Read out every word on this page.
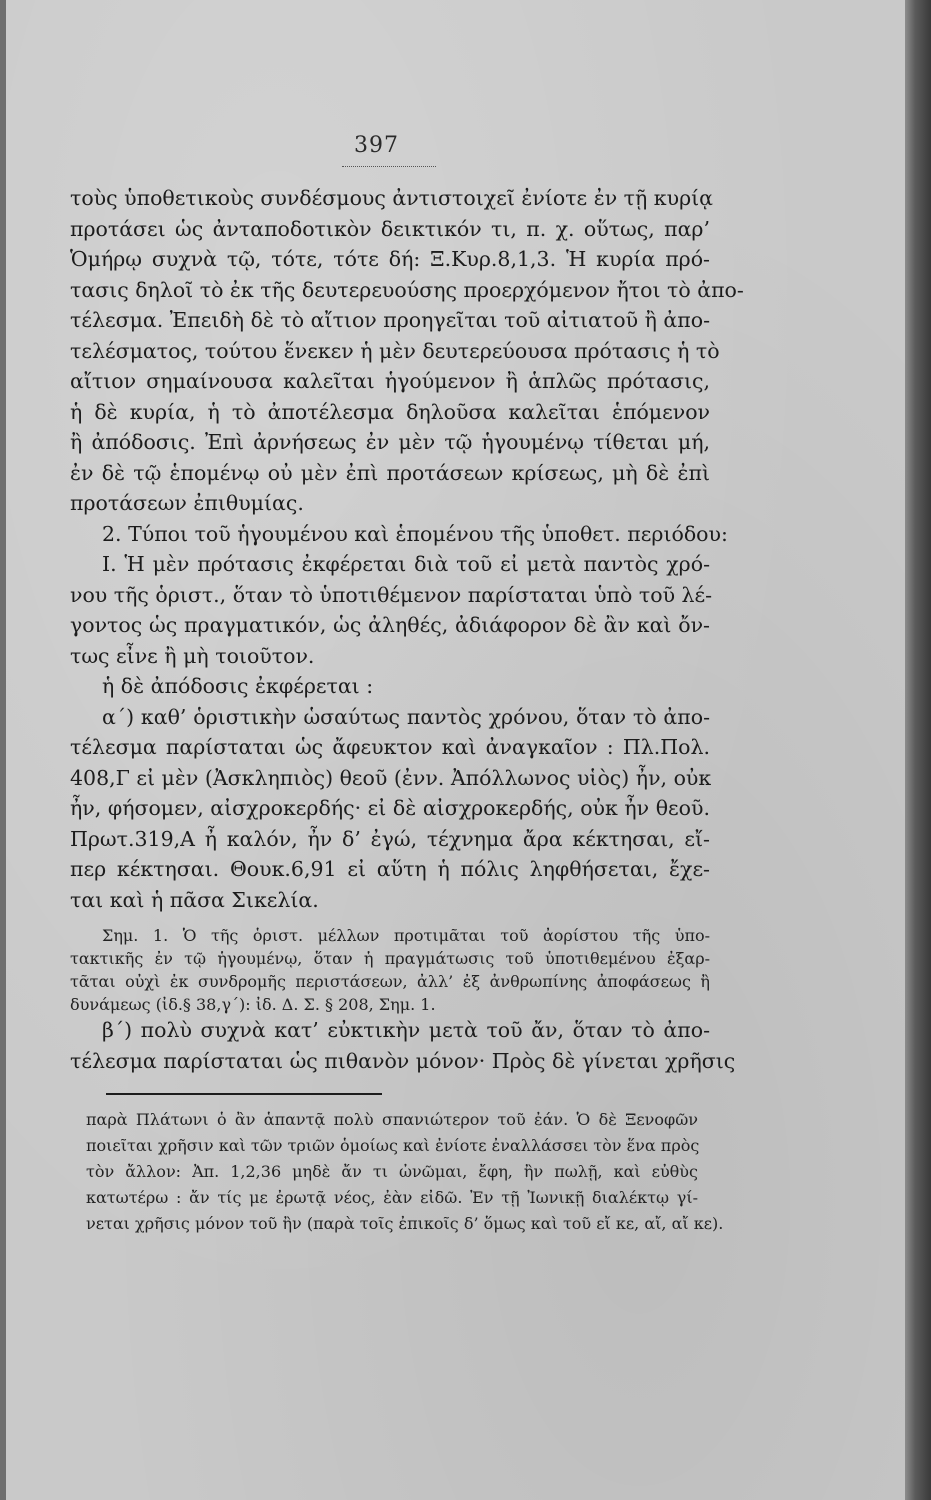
397
τοὺς ὑποθετικοὺς συνδέσμους ἀντιστοιχεῖ ἐνίοτε ἐν τῇ κυρίᾳ
προτάσει ὡς ἀνταποδοτικὸν δεικτικόν τι, π. χ. οὕτως, παρ’
Ὁμήρῳ συχνὰ τῷ, τότε, τότε δή: Ξ.Κυρ.8,1,3. Ἡ κυρία πρό-
τασις δηλοῖ τὸ ἐκ τῆς δευτερευούσης προερχόμενον ἤτοι τὸ ἀπο-
τέλεσμα. Ἐπειδὴ δὲ τὸ αἴτιον προηγεῖται τοῦ αἰτιατοῦ ἢ ἀπο-
τελέσματος, τούτου ἕνεκεν ἡ μὲν δευτερεύουσα πρότασις ἡ τὸ
αἴτιον σημαίνουσα καλεῖται ἡγούμενον ἢ ἁπλῶς πρότασις,
ἡ δὲ κυρία, ἡ τὸ ἀποτέλεσμα δηλοῦσα καλεῖται ἑπόμενον
ἢ ἀπόδοσις. Ἐπὶ ἀρνήσεως ἐν μὲν τῷ ἡγουμένῳ τίθεται μή,
ἐν δὲ τῷ ἑπομένῳ οὐ μὲν ἐπὶ προτάσεων κρίσεως, μὴ δὲ ἐπὶ
προτάσεων ἐπιθυμίας.
2. Τύποι τοῦ ἡγουμένου καὶ ἑπομένου τῆς ὑποθετ. περιόδου:
Ι. Ἡ μὲν πρότασις ἐκφέρεται διὰ τοῦ εἰ μετὰ παντὸς χρό-
νου τῆς ὁριστ., ὅταν τὸ ὑποτιθέμενον παρίσταται ὑπὸ τοῦ λέ-
γοντος ὡς πραγματικόν, ὡς ἀληθές, ἀδιάφορον δὲ ἂν καὶ ὄν-
τως εἶνε ἢ μὴ τοιοῦτον.
ἡ δὲ ἀπόδοσις ἐκφέρεται :
α΄) καθ’ ὁριστικὴν ὡσαύτως παντὸς χρόνου, ὅταν τὸ ἀπο-
τέλεσμα παρίσταται ὡς ἄφευκτον καὶ ἀναγκαῖον : Πλ.Πολ.
408,Γ εἰ μὲν (Ἀσκληπιὸς) θεοῦ (ἐνν. Ἀπόλλωνος υἱὸς) ἦν, οὐκ
ἦν, φήσομεν, αἰσχροκερδής· εἰ δὲ αἰσχροκερδής, οὐκ ἦν θεοῦ.
Πρωτ.319,Α ἦ καλόν, ἦν δ’ ἐγώ, τέχνημα ἄρα κέκτησαι, εἴ-
περ κέκτησαι. Θουκ.6,91 εἰ αὕτη ἡ πόλις ληφθήσεται, ἔχε-
ται καὶ ἡ πᾶσα Σικελία.
Σημ. 1. Ὁ τῆς ὁριστ. μέλλων προτιμᾶται τοῦ ἀορίστου τῆς ὑπο-
τακτικῆς ἐν τῷ ἡγουμένῳ, ὅταν ἡ πραγμάτωσις τοῦ ὑποτιθεμένου ἐξαρ-
τᾶται οὐχὶ ἐκ συνδρομῆς περιστάσεων, ἀλλ’ ἐξ ἀνθρωπίνης ἀποφάσεως ἢ
δυνάμεως (ἰδ.§ 38,γ΄): ἰδ. Δ. Σ. § 208, Σημ. 1.
β΄) πολὺ συχνὰ κατ’ εὐκτικὴν μετὰ τοῦ ἄν, ὅταν τὸ ἀπο-
τέλεσμα παρίσταται ὡς πιθανὸν μόνον· Πρὸς δὲ γίνεται χρῆσις
παρὰ Πλάτωνι ὁ ἂν ἁπαντᾷ πολὺ σπανιώτερον τοῦ ἐάν. Ὁ δὲ Ξενοφῶν
ποιεῖται χρῆσιν καὶ τῶν τριῶν ὁμοίως καὶ ἐνίοτε ἐναλλάσσει τὸν ἕνα πρὸς
τὸν ἄλλον: Ἀπ. 1,2,36 μηδὲ ἄν τι ὠνῶμαι, ἔφη, ἢν πωλῇ, καὶ εὐθὺς
κατωτέρω : ἄν τίς με ἐρωτᾷ νέος, ἐὰν εἰδῶ. Ἐν τῇ Ἰωνικῇ διαλέκτῳ γί-
νεται χρῆσις μόνον τοῦ ἢν (παρὰ τοῖς ἐπικοῖς δ’ ὅμως καὶ τοῦ εἴ κε, αἴ, αἴ κε).
